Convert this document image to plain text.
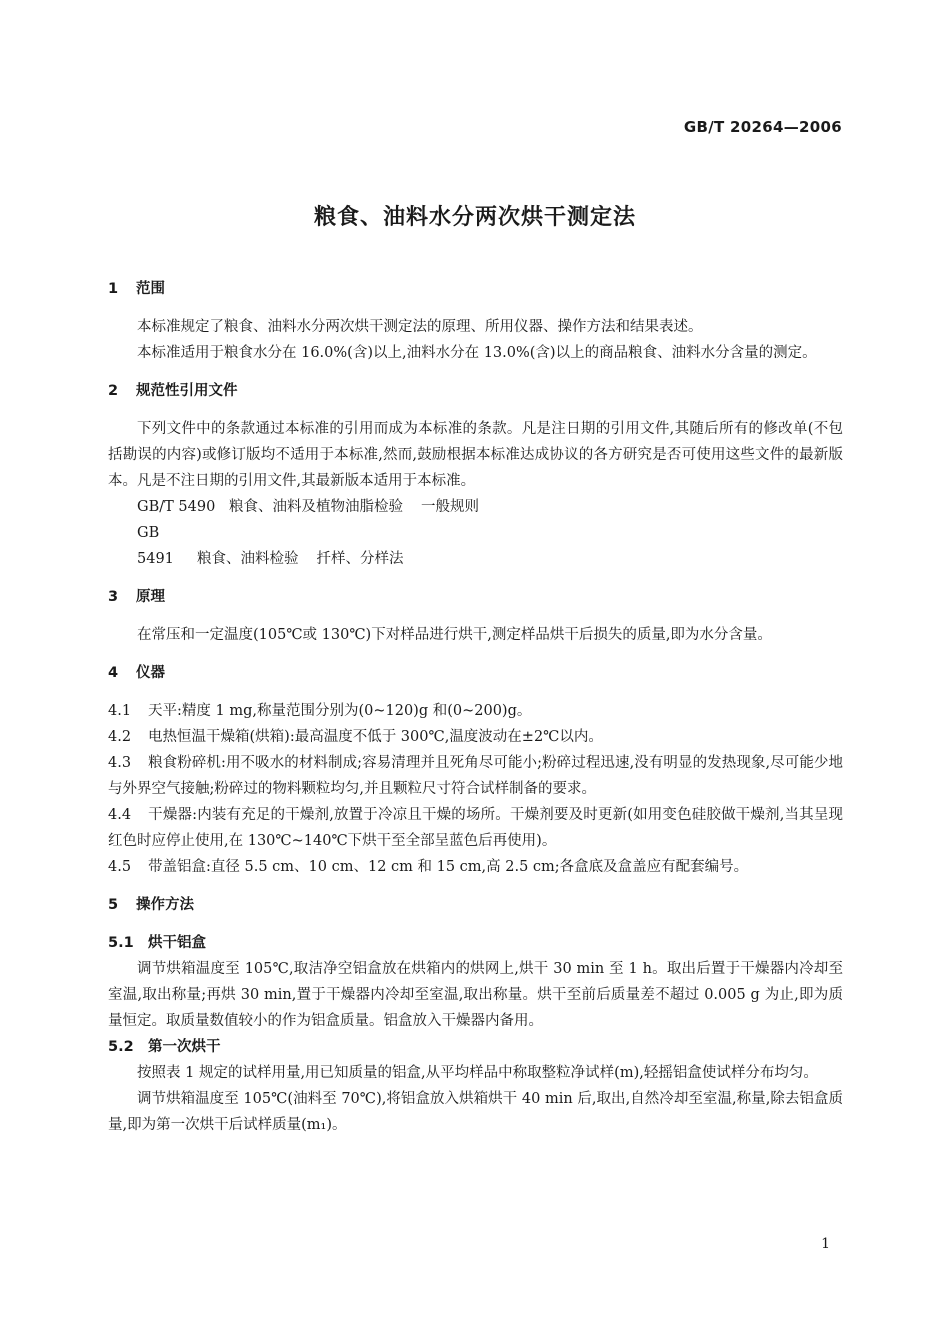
GB/T 20264—2006
粮食、油料水分两次烘干测定法
1 范围

本标准规定了粮食、油料水分两次烘干测定法的原理、所用仪器、操作方法和结果表述。

本标准适用于粮食水分在 16.0%(含)以上,油料水分在 13.0%(含)以上的商品粮食、油料水分含量的测定。

2 规范性引用文件

下列文件中的条款通过本标准的引用而成为本标准的条款。凡是注日期的引用文件,其随后所有的修改单(不包括勘误的内容)或修订版均不适用于本标准,然而,鼓励根据本标准达成协议的各方研究是否可使用这些文件的最新版本。凡是不注日期的引用文件,其最新版本适用于本标准。

GB/T 5490 粮食、油料及植物油脂检验 一般规则

GB 5491 粮食、油料检验 扦样、分样法

3 原理

在常压和一定温度(105℃或 130℃)下对样品进行烘干,测定样品烘干后损失的质量,即为水分含量。

4 仪器

4.1 天平:精度 1 mg,称量范围分别为(0~120)g 和(0~200)g。

4.2 电热恒温干燥箱(烘箱):最高温度不低于 300℃,温度波动在±2℃以内。

4.3 粮食粉碎机:用不吸水的材料制成;容易清理并且死角尽可能小;粉碎过程迅速,没有明显的发热现象,尽可能少地与外界空气接触;粉碎过的物料颗粒均匀,并且颗粒尺寸符合试样制备的要求。

4.4 干燥器:内装有充足的干燥剂,放置于冷凉且干燥的场所。干燥剂要及时更新(如用变色硅胶做干燥剂,当其呈现红色时应停止使用,在 130℃~140℃下烘干至全部呈蓝色后再使用)。

4.5 带盖铝盒:直径 5.5 cm、10 cm、12 cm 和 15 cm,高 2.5 cm;各盒底及盒盖应有配套编号。

5 操作方法
5.1 烘干铝盒

调节烘箱温度至 105℃,取洁净空铝盒放在烘箱内的烘网上,烘干 30 min 至 1 h。取出后置于干燥器内冷却至室温,取出称量;再烘 30 min,置于干燥器内冷却至室温,取出称量。烘干至前后质量差不超过 0.005 g 为止,即为质量恒定。取质量数值较小的作为铝盒质量。铝盒放入干燥器内备用。

5.2 第一次烘干

按照表 1 规定的试样用量,用已知质量的铝盒,从平均样品中称取整粒净试样(m),轻摇铝盒使试样分布均匀。

调节烘箱温度至 105℃(油料至 70℃),将铝盒放入烘箱烘干 40 min 后,取出,自然冷却至室温,称量,除去铝盒质量,即为第一次烘干后试样质量(m₁)。

1
